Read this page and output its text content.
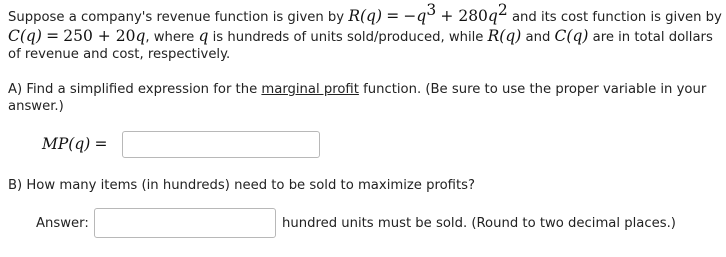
Suppose a company's revenue function is given by $R(q) = -q^3 + 280q^2$ and its cost function is given by
C(q) = 250 + 20q, where q is hundreds of units sold/produced, while R(q) and C(q) are in total dollars
of revenue and cost, respectively.
A) Find a simplified expression for the marginal profit function. (Be sure to use the proper variable in your
answer.)
MP(q) =
B) How many items (in hundreds) need to be sold to maximize profits?
Answer:	hundred units must be sold. (Round to two decimal places.)
